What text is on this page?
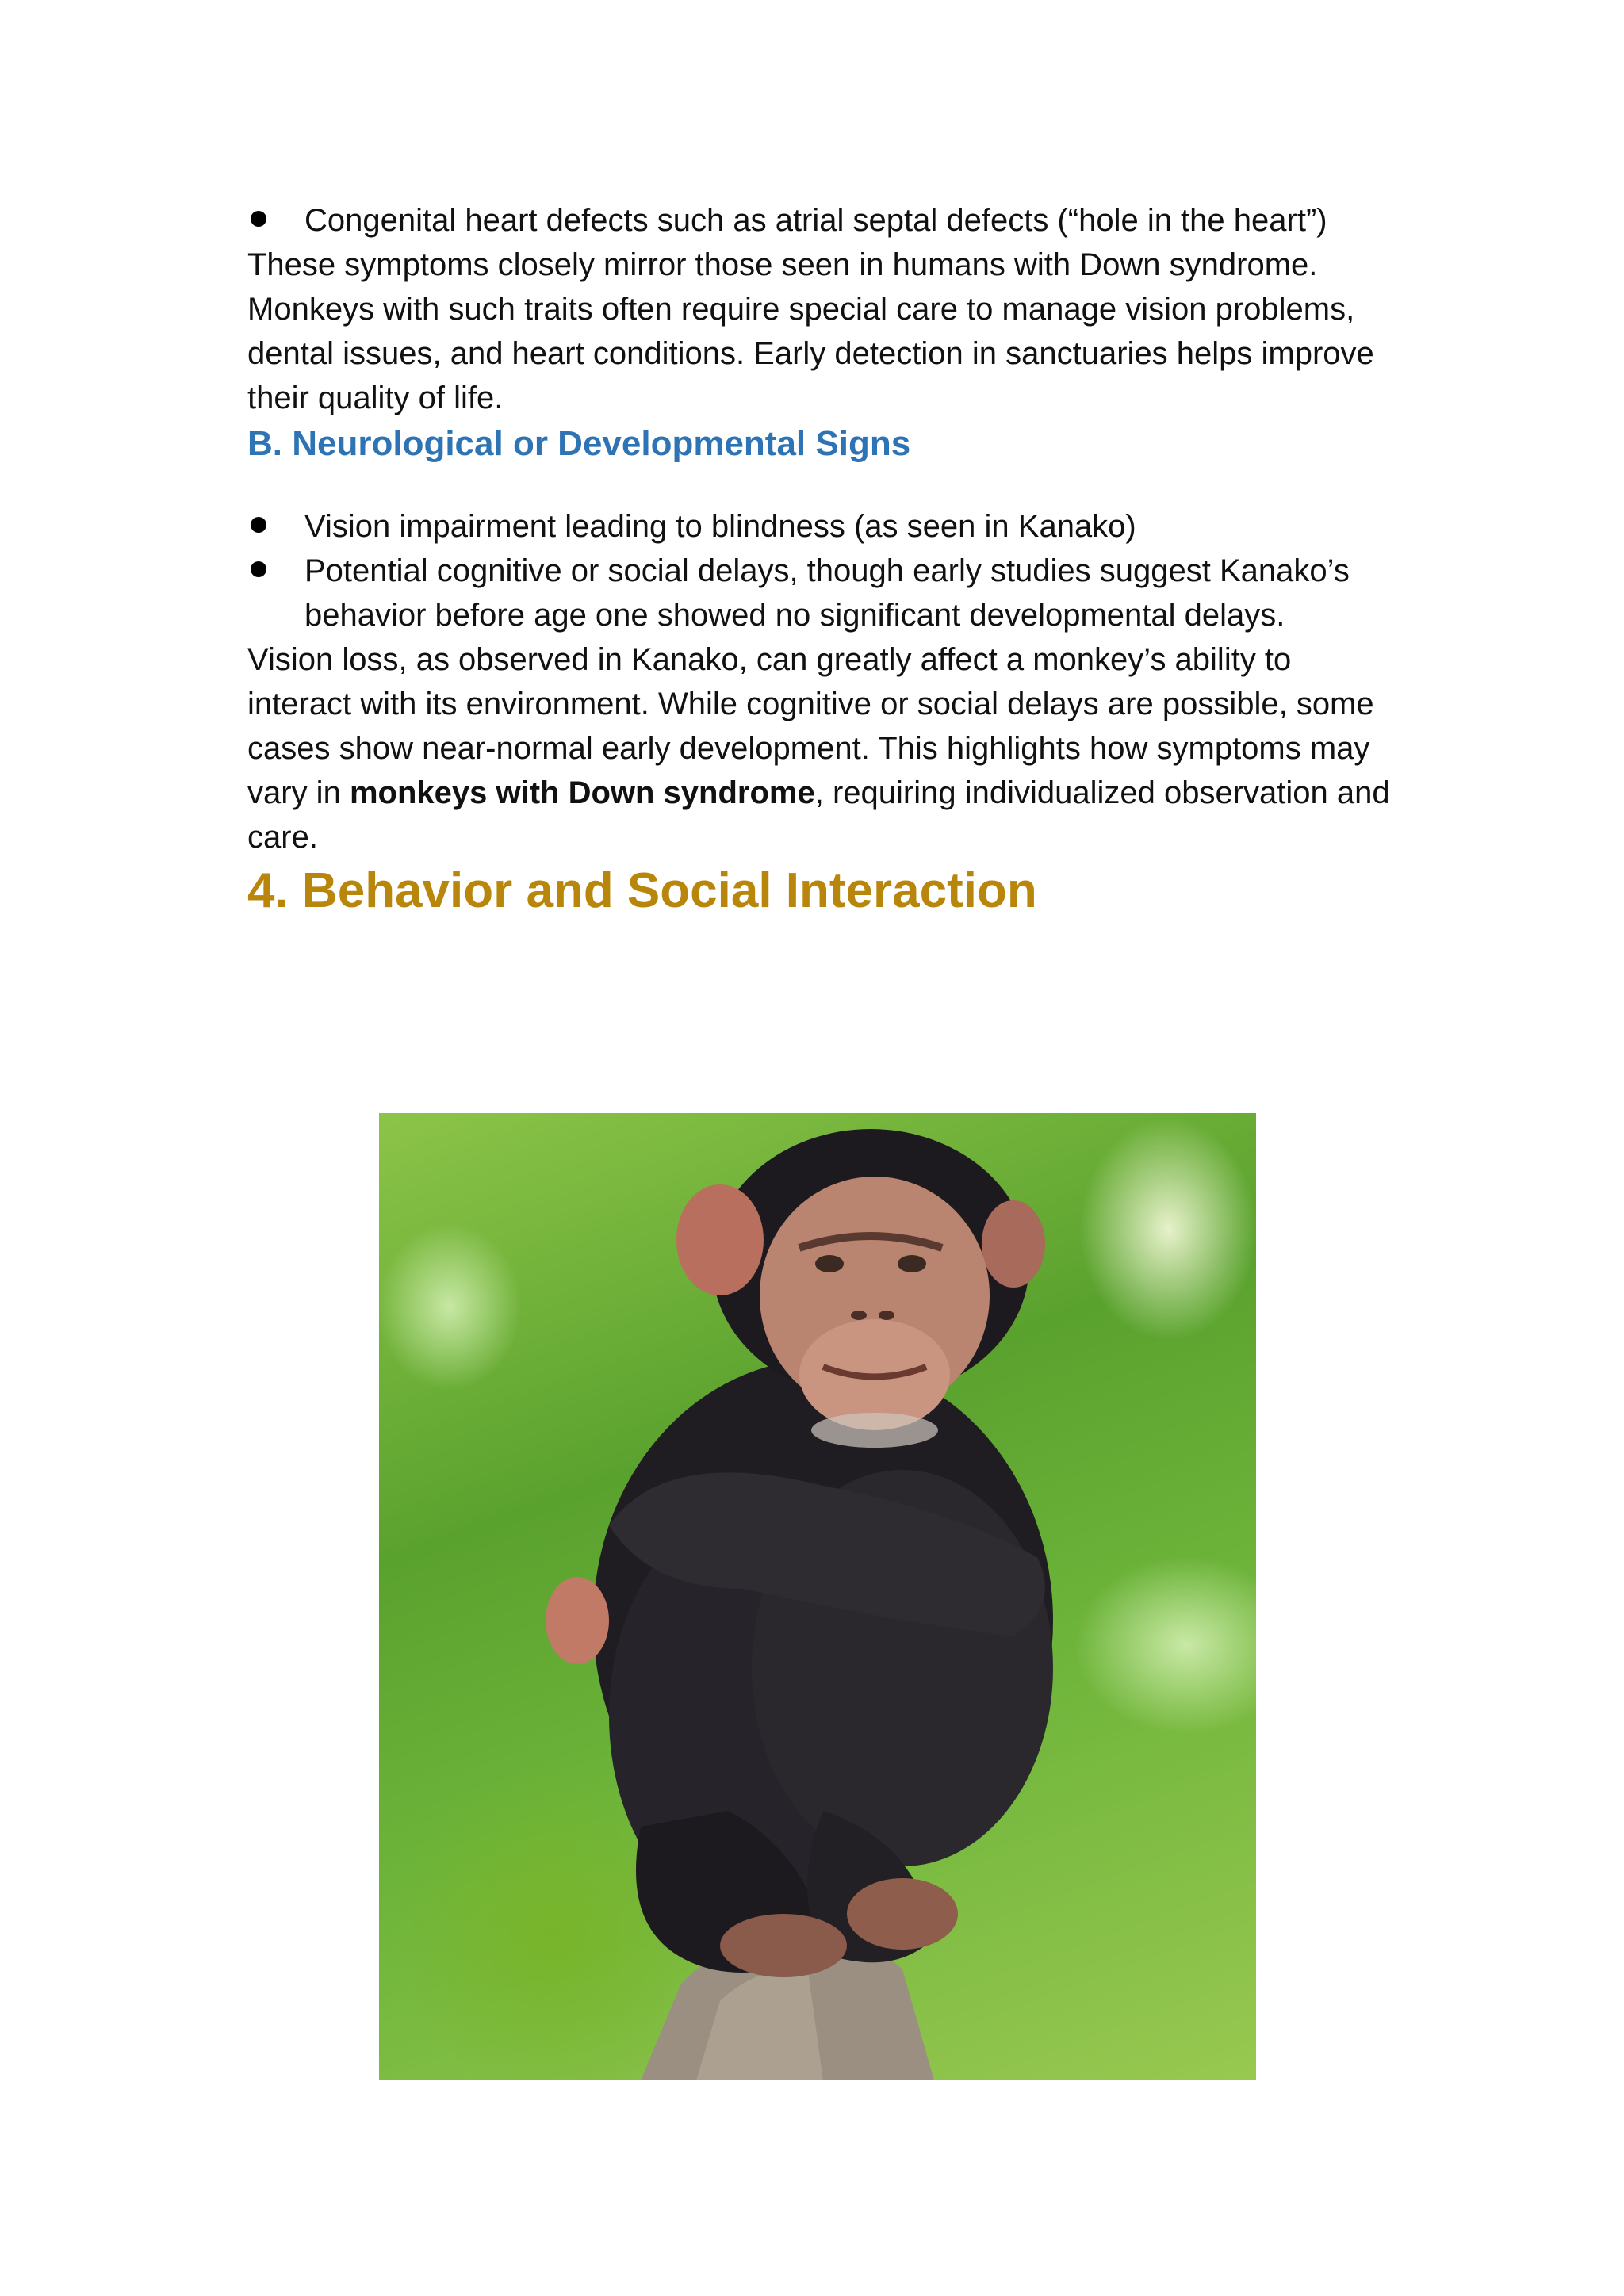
Congenital heart defects such as atrial septal defects (“hole in the heart”)

These symptoms closely mirror those seen in humans with Down syndrome. Monkeys with such traits often require special care to manage vision problems, dental issues, and heart conditions. Early detection in sanctuaries helps improve their quality of life.

B. Neurological or Developmental Signs
Vision impairment leading to blindness (as seen in Kanako)
Potential cognitive or social delays, though early studies suggest Kanako’s behavior before age one showed no significant developmental delays.

Vision loss, as observed in Kanako, can greatly affect a monkey’s ability to interact with its environment. While cognitive or social delays are possible, some cases show near-normal early development. This highlights how symptoms may vary in monkeys with Down syndrome, requiring individualized observation and care.

4. Behavior and Social Interaction
